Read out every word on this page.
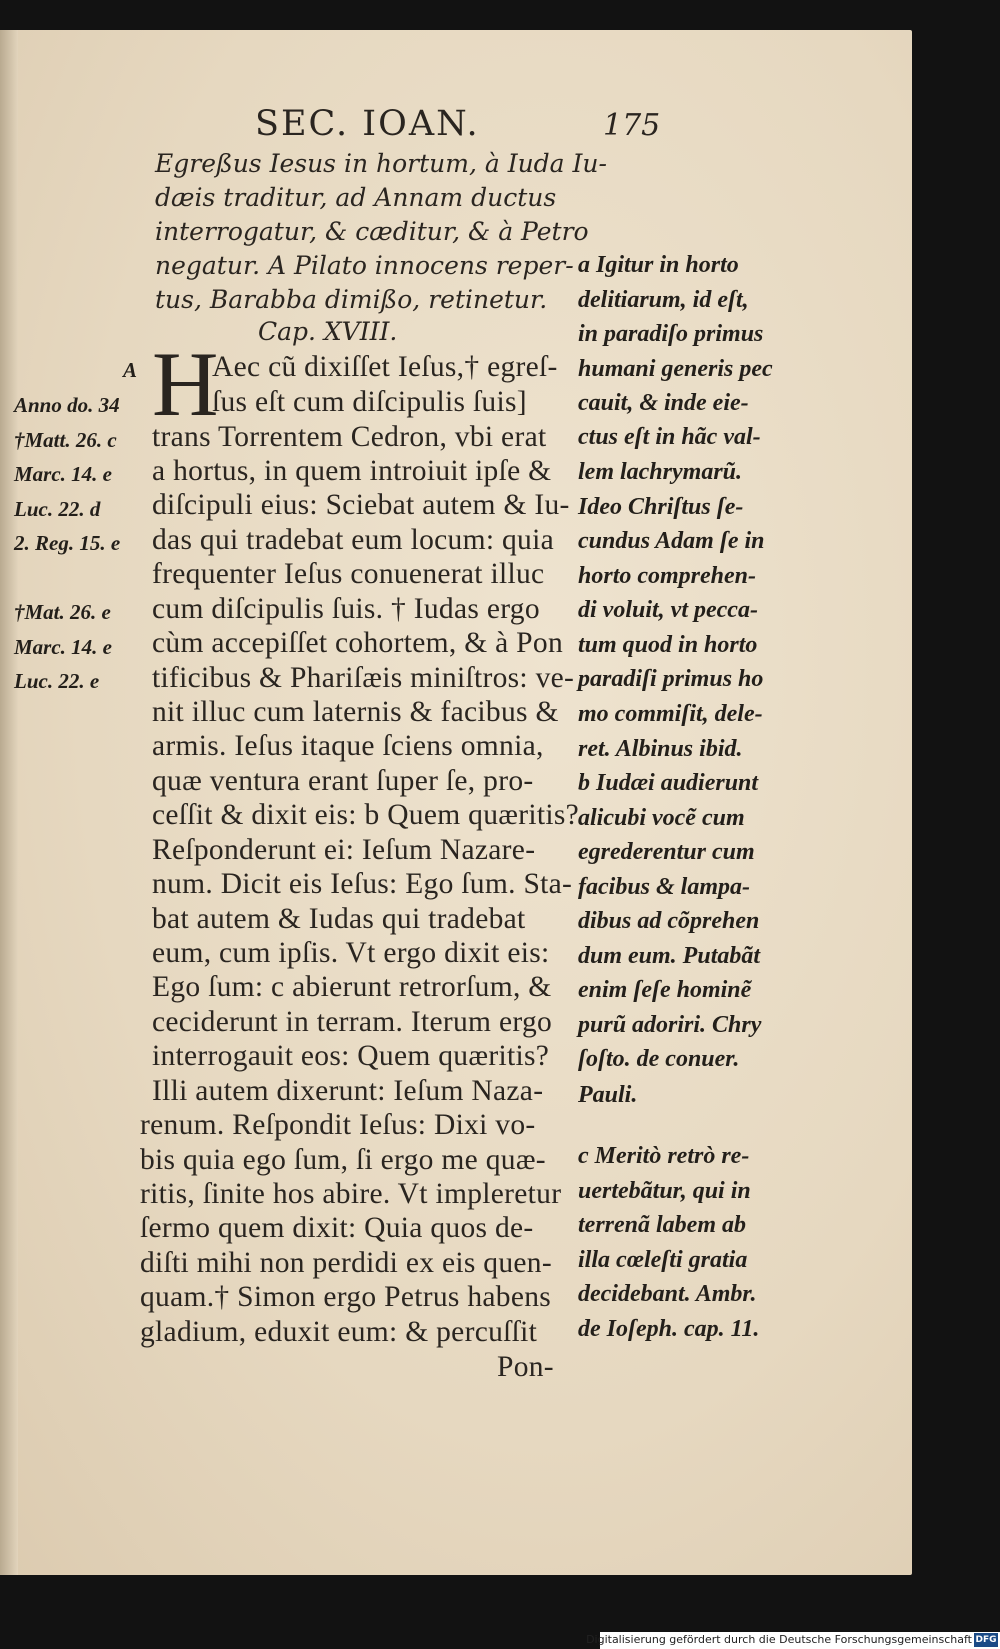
SEC. IOAN.	175
Egreßus Iesus in hortum, à Iuda Iu-
dæis traditur, ad Annam ductus
interrogatur, & cæditur, & à Petro
negatur. A Pilato innocens reper-
tus, Barabba dimißo, retinetur.
Cap. XVIII.
H
Aec cũ dixiſſet Ieſus,† egreſ-
ſus eſt cum diſcipulis ſuis]
trans Torrentem Cedron, vbi erat
a hortus, in quem introiuit ipſe &
diſcipuli eius: Sciebat autem & Iu-
das qui tradebat eum locum: quia
frequenter Ieſus conuenerat illuc
cum diſcipulis ſuis. † Iudas ergo
cùm accepiſſet cohortem, & à Pon
tificibus & Phariſæis miniſtros: ve-
nit illuc cum laternis & facibus &
armis. Ieſus itaque ſciens omnia,
quæ ventura erant ſuper ſe, pro-
ceſſit & dixit eis: b Quem quæritis?
Reſponderunt ei: Ieſum Nazare-
num. Dicit eis Ieſus: Ego ſum. Sta-
bat autem & Iudas qui tradebat
eum, cum ipſis. Vt ergo dixit eis:
Ego ſum: c abierunt retrorſum, &
ceciderunt in terram. Iterum ergo
interrogauit eos: Quem quæritis?
Illi autem dixerunt: Ieſum Naza-
renum. Reſpondit Ieſus: Dixi vo-
bis quia ego ſum, ſi ergo me quæ-
ritis, ſinite hos abire. Vt impleretur
ſermo quem dixit: Quia quos de-
diſti mihi non perdidi ex eis quen-
quam.† Simon ergo Petrus habens
gladium, eduxit eum: & percuſſit
Pon-
a Igitur in horto
delitiarum, id eſt,
in paradiſo primus
humani generis pec
cauit, & inde eie-
ctus eſt in hãc val-
lem lachrymarũ.
Ideo Chriſtus ſe-
cundus Adam ſe in
horto comprehen-
di voluit, vt pecca-
tum quod in horto
paradiſi primus ho
mo commiſit, dele-
ret. Albinus ibid.
b Iudæi audierunt
alicubi vocẽ cum
egrederentur cum
facibus & lampa-
dibus ad cõprehen
dum eum. Putabãt
enim ſeſe hominẽ
purũ adoriri. Chry
ſoſto. de conuer.
Pauli.
c Meritò retrò re-
uertebãtur, qui in
terrenã labem ab
illa cœleſti gratia
decidebant. Ambr.
de Ioſeph. cap. 11.
A
Anno do. 34
†Matt. 26. c
Marc. 14. e
Luc. 22. d
2. Reg. 15. e
†Mat. 26. e
Marc. 14. e
Luc. 22. e
Digitalisierung gefördert durch die Deutsche Forschungsgemeinschaft DFG
